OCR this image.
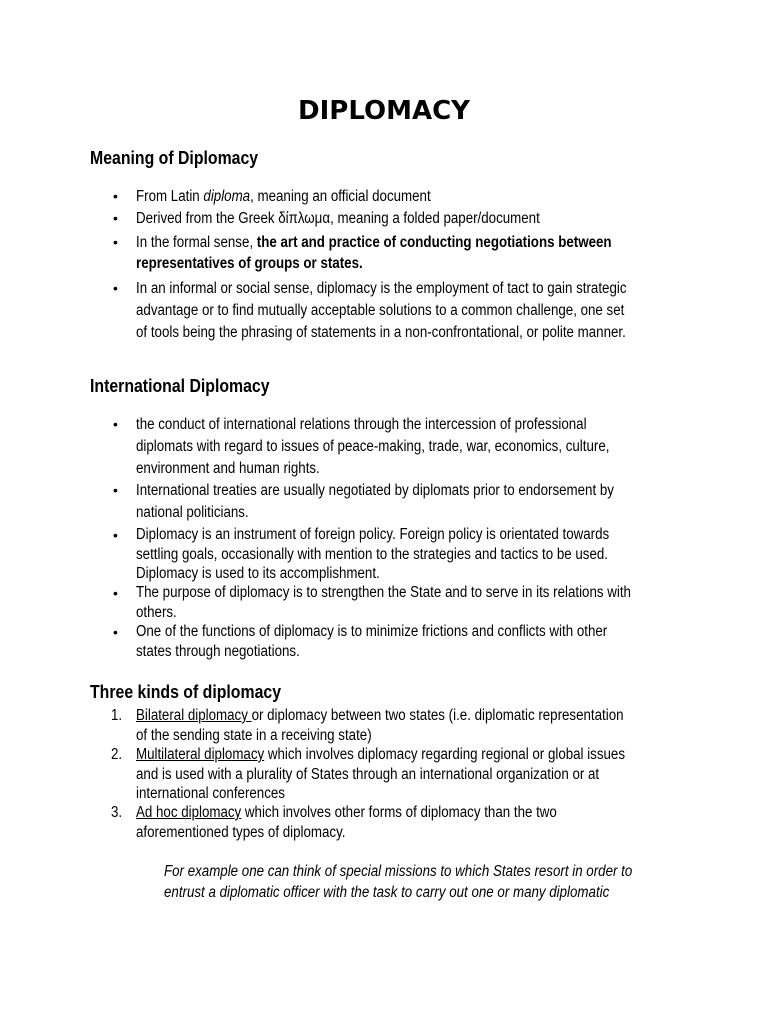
DIPLOMACY
Meaning of Diplomacy
• From Latin diploma, meaning an official document
• Derived from the Greek δίπλωμα, meaning a folded paper/document
• In the formal sense, the art and practice of conducting negotiations between
representatives of groups or states.
• In an informal or social sense, diplomacy is the employment of tact to gain strategic
advantage or to find mutually acceptable solutions to a common challenge, one set
of tools being the phrasing of statements in a non-confrontational, or polite manner.
International Diplomacy
• the conduct of international relations through the intercession of professional
diplomats with regard to issues of peace-making, trade, war, economics, culture,
environment and human rights.
• International treaties are usually negotiated by diplomats prior to endorsement by
national politicians.
• Diplomacy is an instrument of foreign policy. Foreign policy is orientated towards
settling goals, occasionally with mention to the strategies and tactics to be used.
Diplomacy is used to its accomplishment.
• The purpose of diplomacy is to strengthen the State and to serve in its relations with
others.
• One of the functions of diplomacy is to minimize frictions and conflicts with other
states through negotiations.
Three kinds of diplomacy
1. Bilateral diplomacy or diplomacy between two states (i.e. diplomatic representation
of the sending state in a receiving state)
2. Multilateral diplomacy which involves diplomacy regarding regional or global issues
and is used with a plurality of States through an international organization or at
international conferences
3. Ad hoc diplomacy which involves other forms of diplomacy than the two
aforementioned types of diplomacy.
For example one can think of special missions to which States resort in order to
entrust a diplomatic officer with the task to carry out one or many diplomatic
